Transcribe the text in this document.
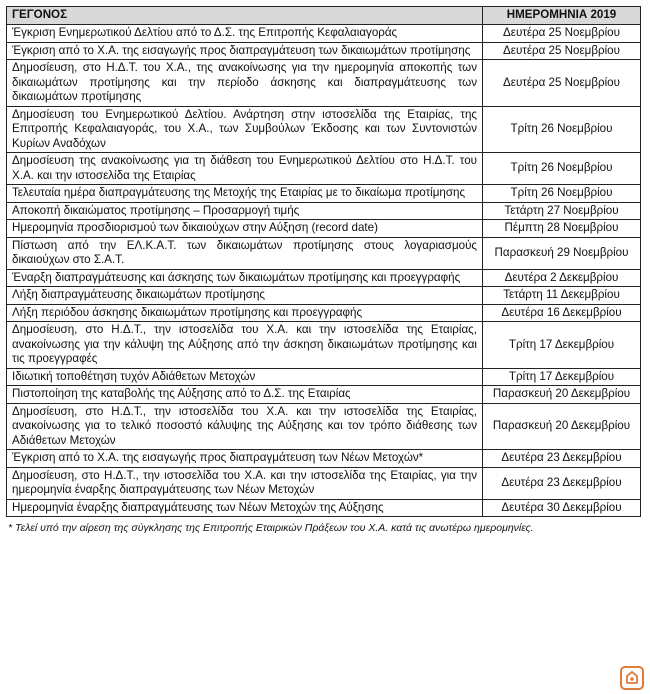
ΓΕΓΟΝΟΣ	ΗΜΕΡΟΜΗΝΙΑ 2019
Έγκριση Ενημερωτικού Δελτίου από το Δ.Σ. της Επιτροπής Κεφαλαιαγοράς	Δευτέρα 25 Νοεμβρίου
Έγκριση από το Χ.Α. της εισαγωγής προς διαπραγμάτευση των δικαιωμάτων προτίμησης	Δευτέρα 25 Νοεμβρίου
Δημοσίευση, στο Η.Δ.Τ. του Χ.Α., της ανακοίνωσης για την ημερομηνία αποκοπής των δικαιωμάτων προτίμησης και την περίοδο άσκησης και διαπραγμάτευσης των δικαιωμάτων προτίμησης	Δευτέρα 25 Νοεμβρίου
Δημοσίευση του Ενημερωτικού Δελτίου. Ανάρτηση στην ιστοσελίδα της Εταιρίας, της Επιτροπής Κεφαλαιαγοράς, του Χ.Α., των Συμβούλων Έκδοσης και των Συντονιστών Κυρίων Αναδόχων	Τρίτη 26 Νοεμβρίου
Δημοσίευση της ανακοίνωσης για τη διάθεση του Ενημερωτικού Δελτίου στο Η.Δ.Τ. του Χ.Α. και την ιστοσελίδα της Εταιρίας	Τρίτη 26 Νοεμβρίου
Τελευταία ημέρα διαπραγμάτευσης της Μετοχής της Εταιρίας με το δικαίωμα προτίμησης	Τρίτη 26 Νοεμβρίου
Αποκοπή δικαιώματος προτίμησης – Προσαρμογή τιμής	Τετάρτη 27 Νοεμβρίου
Ημερομηνία προσδιορισμού των δικαιούχων στην Αύξηση (record date)	Πέμπτη 28 Νοεμβρίου
Πίστωση από την ΕΛ.Κ.Α.Τ. των δικαιωμάτων προτίμησης στους λογαριασμούς δικαιούχων στο Σ.Α.Τ.	Παρασκευή 29 Νοεμβρίου
Έναρξη διαπραγμάτευσης και άσκησης των δικαιωμάτων προτίμησης και προεγγραφής	Δευτέρα 2 Δεκεμβρίου
Λήξη διαπραγμάτευσης δικαιωμάτων προτίμησης	Τετάρτη 11 Δεκεμβρίου
Λήξη περιόδου άσκησης δικαιωμάτων προτίμησης και προεγγραφής	Δευτέρα 16 Δεκεμβρίου
Δημοσίευση, στο Η.Δ.Τ., την ιστοσελίδα του Χ.Α. και την ιστοσελίδα της Εταιρίας, ανακοίνωσης για την κάλυψη της Αύξησης από την άσκηση δικαιωμάτων προτίμησης και τις προεγγραφές	Τρίτη 17 Δεκεμβρίου
Ιδιωτική τοποθέτηση τυχόν Αδιάθετων Μετοχών	Τρίτη 17 Δεκεμβρίου
Πιστοποίηση της καταβολής της Αύξησης από το Δ.Σ. της Εταιρίας	Παρασκευή 20 Δεκεμβρίου
Δημοσίευση, στο Η.Δ.Τ., την ιστοσελίδα του Χ.Α. και την ιστοσελίδα της Εταιρίας, ανακοίνωσης για το τελικό ποσοστό κάλυψης της Αύξησης και τον τρόπο διάθεσης των Αδιάθετων Μετοχών	Παρασκευή 20 Δεκεμβρίου
Έγκριση από το Χ.Α. της εισαγωγής προς διαπραγμάτευση των Νέων Μετοχών*	Δευτέρα 23 Δεκεμβρίου
Δημοσίευση, στο Η.Δ.Τ., την ιστοσελίδα του Χ.Α. και την ιστοσελίδα της Εταιρίας, για την ημερομηνία έναρξης διαπραγμάτευσης των Νέων Μετοχών	Δευτέρα 23 Δεκεμβρίου
Ημερομηνία έναρξης διαπραγμάτευσης των Νέων Μετοχών της Αύξησης	Δευτέρα 30 Δεκεμβρίου
* Τελεί υπό την αίρεση της σύγκλησης της Επιτροπής Εταιρικών Πράξεων του Χ.Α. κατά τις ανωτέρω ημερομηνίες.
